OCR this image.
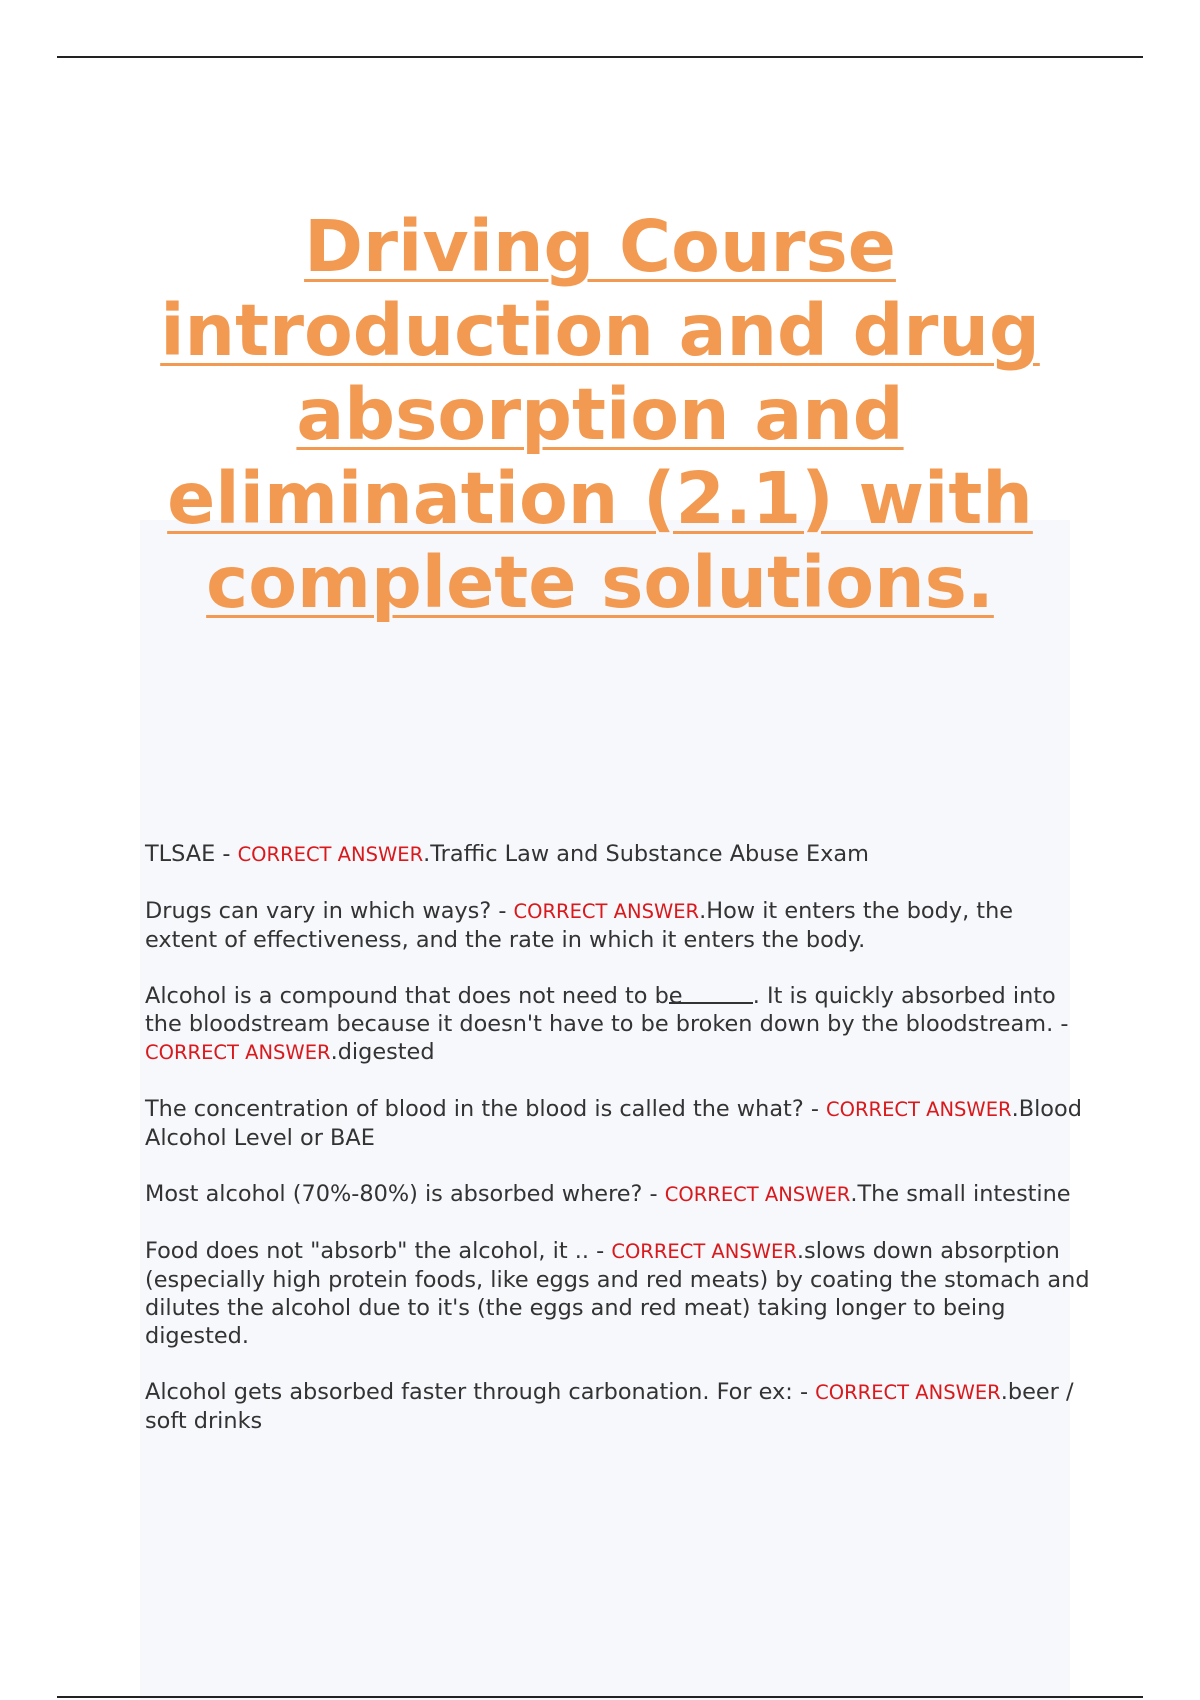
Driving Course introduction and drug absorption and elimination (2.1) with complete solutions.

TLSAE - CORRECT ANSWER.Traffic Law and Substance Abuse Exam

Drugs can vary in which ways? - CORRECT ANSWER.How it enters the body, the extent of effectiveness, and the rate in which it enters the body.

Alcohol is a compound that does not need to be	. It is quickly absorbed into the bloodstream because it doesn't have to be broken down by the bloodstream. - CORRECT ANSWER.digested

The concentration of blood in the blood is called the what? - CORRECT ANSWER.Blood Alcohol Level or BAE

Most alcohol (70%-80%) is absorbed where? - CORRECT ANSWER.The small intestine

Food does not "absorb" the alcohol, it .. - CORRECT ANSWER.slows down absorption
(especially high protein foods, like eggs and red meats) by coating the stomach and dilutes the alcohol due to it's (the eggs and red meat) taking longer to being digested.

Alcohol gets absorbed faster through carbonation. For ex: - CORRECT ANSWER.beer / soft drinks
